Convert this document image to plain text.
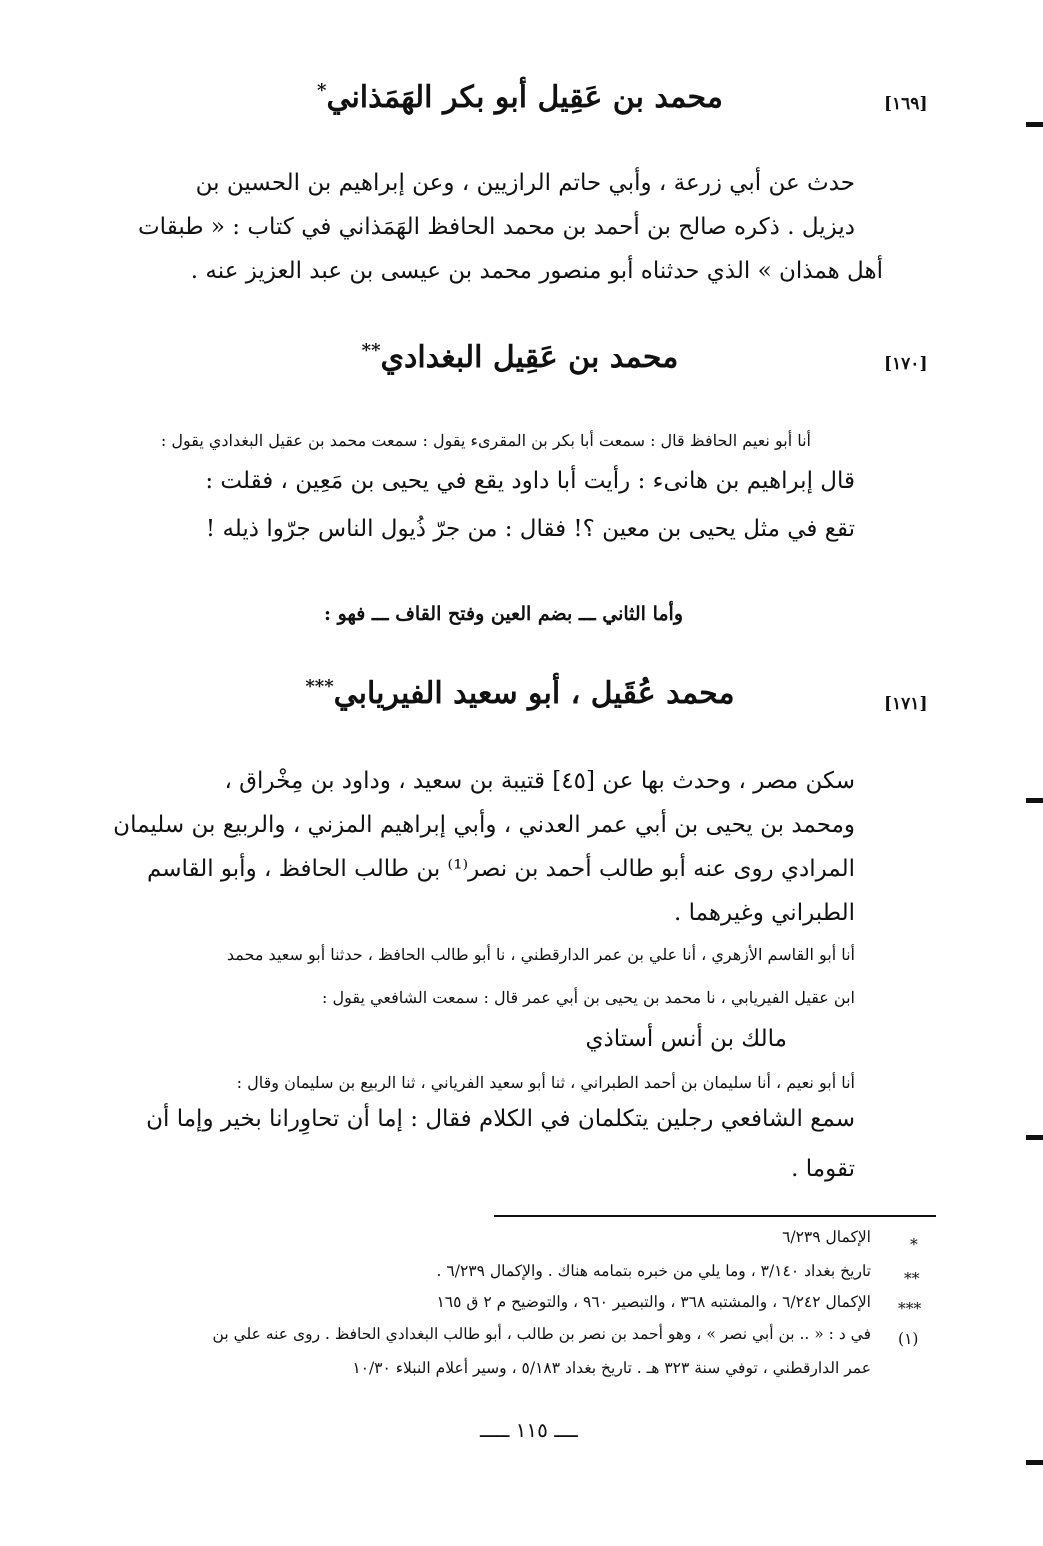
[١٦٩]
محمد بن عَقِيل أبو بكر الهَمَذاني*
حدث عن أبي زرعة ، وأبي حاتم الرازيين ، وعن إبراهيم بن الحسين بن
ديزيل . ذكره صالح بن أحمد بن محمد الحافظ الهَمَذاني في كتاب : « طبقات
أهل همذان » الذي حدثناه أبو منصور محمد بن عيسى بن عبد العزيز عنه .
[١٧٠]
محمد بن عَقِيل البغدادي**
أنا أبو نعيم الحافظ قال : سمعت أبا بكر بن المقرىء يقول : سمعت محمد بن عقيل البغدادي يقول :
قال إبراهيم بن هانىء : رأيت أبا داود يقع في يحيى بن مَعِين ، فقلت :
تقع في مثل يحيى بن معين ؟! فقال : من جرّ ذُيول الناس جرّوا ذيله !
وأما الثاني ـــ بضم العين وفتح القاف ـــ فهو :
[١٧١]
محمد عُقَيل ، أبو سعيد الفيريابي***
سكن مصر ، وحدث بها عن [٤٥] قتيبة بن سعيد ، وداود بن مِخْراق ،
ومحمد بن يحيى بن أبي عمر العدني ، وأبي إبراهيم المزني ، والربيع بن سليمان
المرادي روى عنه أبو طالب أحمد بن نصر⁽¹⁾ بن طالب الحافظ ، وأبو القاسم
الطبراني وغيرهما .
أنا أبو القاسم الأزهري ، أنا علي بن عمر الدارقطني ، نا أبو طالب الحافظ ، حدثنا أبو سعيد محمد
ابن عقيل الفيريابي ، نا محمد بن يحيى بن أبي عمر قال : سمعت الشافعي يقول :
مالك بن أنس أستاذي
أنا أبو نعيم ، أنا سليمان بن أحمد الطبراني ، ثنا أبو سعيد الفرياني ، ثنا الربيع بن سليمان وقال :
سمع الشافعي رجلين يتكلمان في الكلام فقال : إما أن تحاوِرانا بخير وإما أن
تقوما .
*
الإكمال ٦/٢٣٩
**
تاريخ بغداد ٣/١٤٠ ، وما يلي من خبره بتمامه هناك . والإكمال ٦/٢٣٩ .
***
الإكمال ٦/٢٤٢ ، والمشتبه ٣٦٨ ، والتبصير ٩٦٠ ، والتوضيح م ٢ ق ١٦٥
(١)
في د : « .. بن أبي نصر » ، وهو أحمد بن نصر بن طالب ، أبو طالب البغدادي الحافظ . روى عنه علي بن
عمر الدارقطني ، توفي سنة ٣٢٣ هـ . تاريخ بغداد ٥/١٨٣ ، وسير أعلام النبلاء ١٠/٣٠
ــــ ١١٥ ـــــ
